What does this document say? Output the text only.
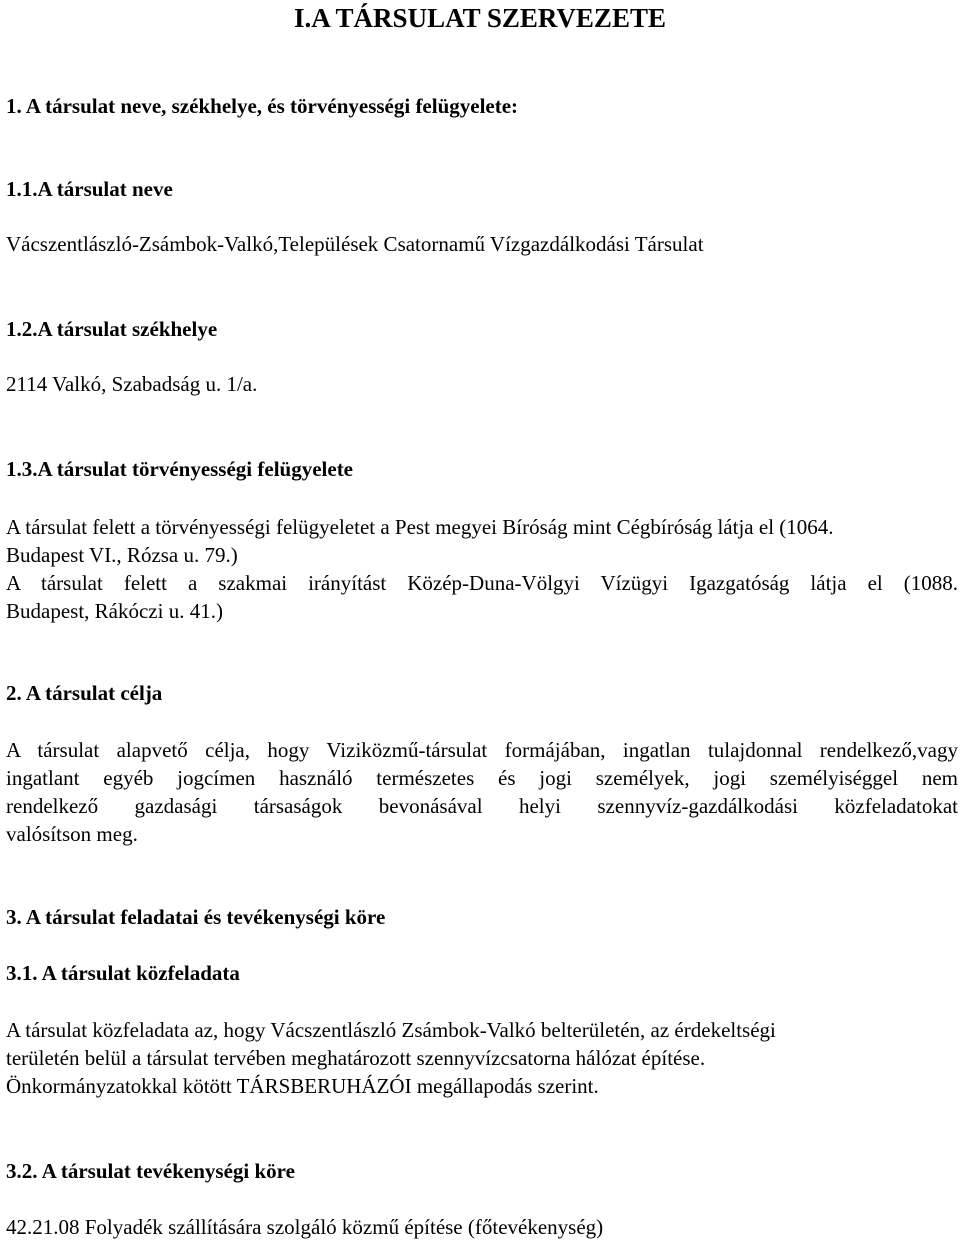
I.A TÁRSULAT SZERVEZETE

1. A társulat neve, székhelye, és törvényességi felügyelete:

1.1.A társulat neve

Vácszentlászló-Zsámbok-Valkó,Települések Csatornamű Vízgazdálkodási Társulat

1.2.A társulat székhelye

2114 Valkó, Szabadság u. 1/a.

1.3.A társulat törvényességi felügyelete

A társulat felett a törvényességi felügyeletet a Pest megyei Bíróság mint Cégbíróság látja el (1064.
Budapest VI., Rózsa u. 79.)
A társulat felett a szakmai irányítást Közép-Duna-Völgyi Vízügyi Igazgatóság látja el (1088.
Budapest, Rákóczi u. 41.)

2. A társulat célja

A társulat alapvető célja, hogy Viziközmű-társulat formájában, ingatlan tulajdonnal rendelkező,vagy
ingatlant egyéb jogcímen használó természetes és jogi személyek, jogi személyiséggel nem
rendelkező gazdasági társaságok bevonásával helyi szennyvíz-gazdálkodási közfeladatokat
valósítson meg.

3. A társulat feladatai és tevékenységi köre

3.1. A társulat közfeladata

A társulat közfeladata az, hogy Vácszentlászló Zsámbok-Valkó belterületén, az érdekeltségi
területén belül a társulat tervében meghatározott szennyvízcsatorna hálózat építése.
Önkormányzatokkal kötött TÁRSBERUHÁZÓI megállapodás szerint.

3.2. A társulat tevékenységi köre

42.21.08 Folyadék szállítására szolgáló közmű építése (főtevékenység)
